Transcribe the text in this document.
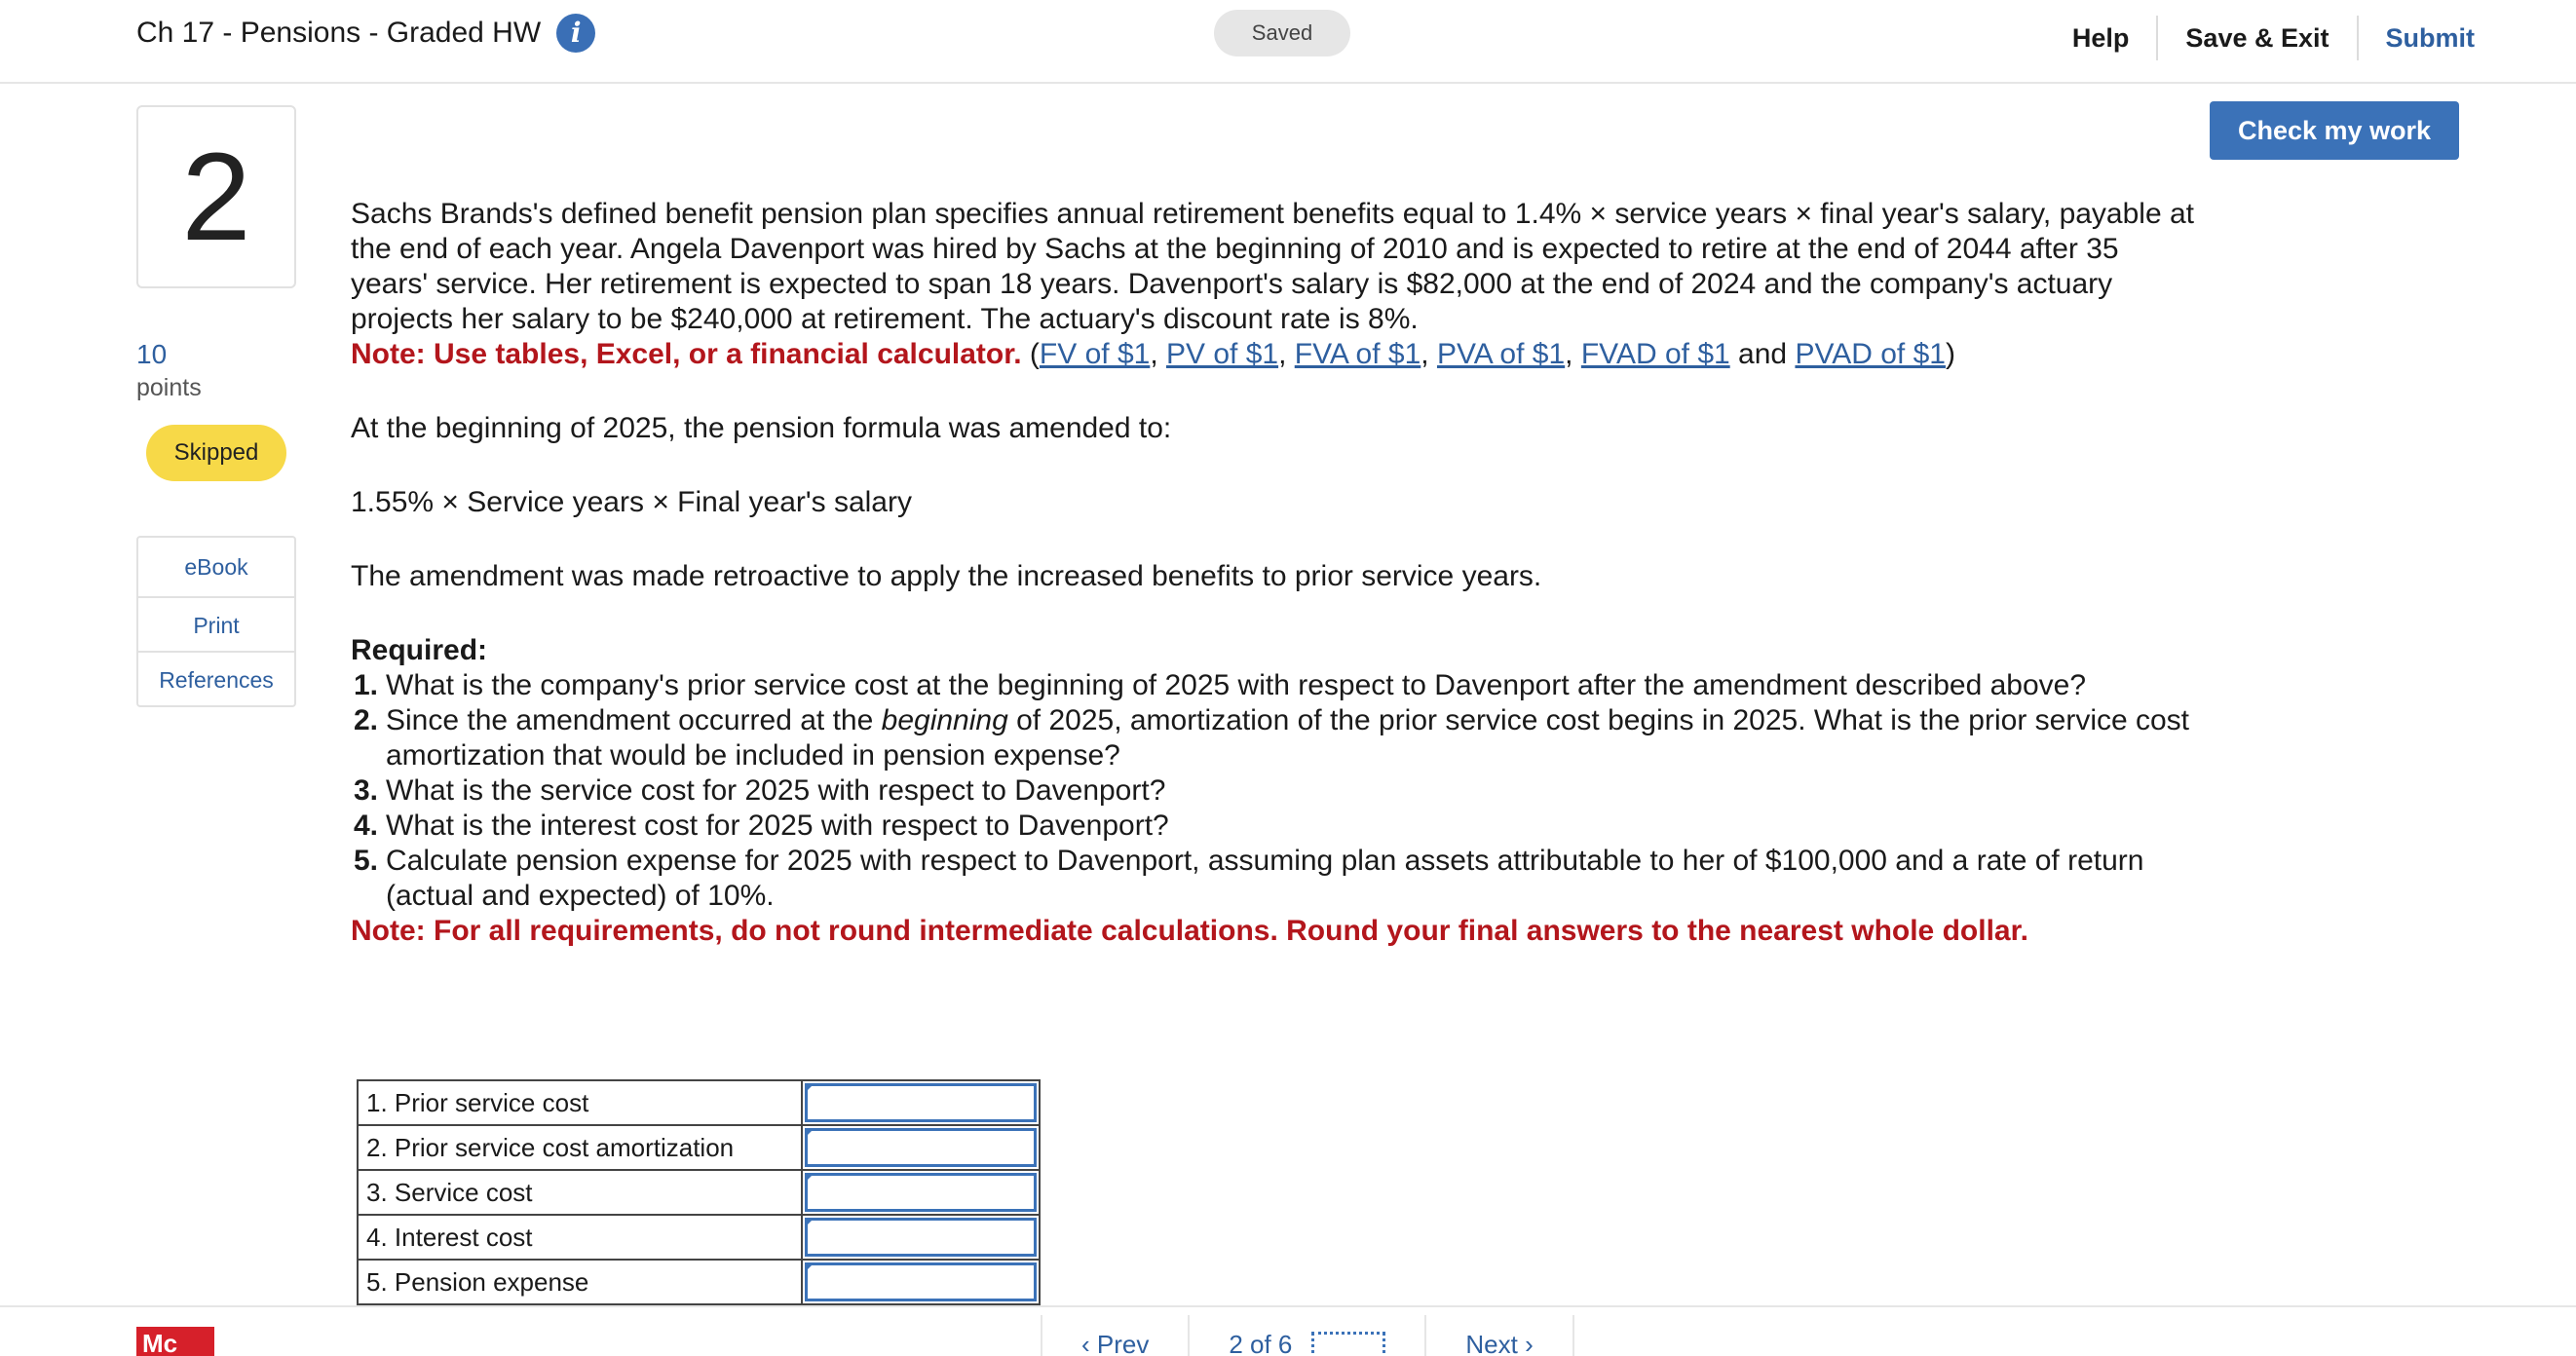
Ch 17 - Pensions - Graded HW	i	Saved	Help	Save & Exit	Submit
2
10
points
Skipped
eBook
Print
References
Check my work

Sachs Brands's defined benefit pension plan specifies annual retirement benefits equal to 1.4% × service years × final year's salary, payable at the end of each year. Angela Davenport was hired by Sachs at the beginning of 2010 and is expected to retire at the end of 2044 after 35 years' service. Her retirement is expected to span 18 years. Davenport's salary is $82,000 at the end of 2024 and the company's actuary projects her salary to be $240,000 at retirement. The actuary's discount rate is 8%.

Note: Use tables, Excel, or a financial calculator. (FV of $1, PV of $1, FVA of $1, PVA of $1, FVAD of $1 and PVAD of $1)

At the beginning of 2025, the pension formula was amended to:

1.55% × Service years × Final year's salary

The amendment was made retroactive to apply the increased benefits to prior service years.

Required:

What is the company's prior service cost at the beginning of 2025 with respect to Davenport after the amendment described above?
Since the amendment occurred at the beginning of 2025, amortization of the prior service cost begins in 2025. What is the prior service cost amortization that would be included in pension expense?
What is the service cost for 2025 with respect to Davenport?
What is the interest cost for 2025 with respect to Davenport?
Calculate pension expense for 2025 with respect to Davenport, assuming plan assets attributable to her of $100,000 and a rate of return (actual and expected) of 10%.

Note: For all requirements, do not round intermediate calculations. Round your final answers to the nearest whole dollar.

1. Prior service cost	

2. Prior service cost amortization	

3. Service cost	

4. Interest cost	

5. Pension expense	
Mc	‹ Prev	2 of 6	Next ›
